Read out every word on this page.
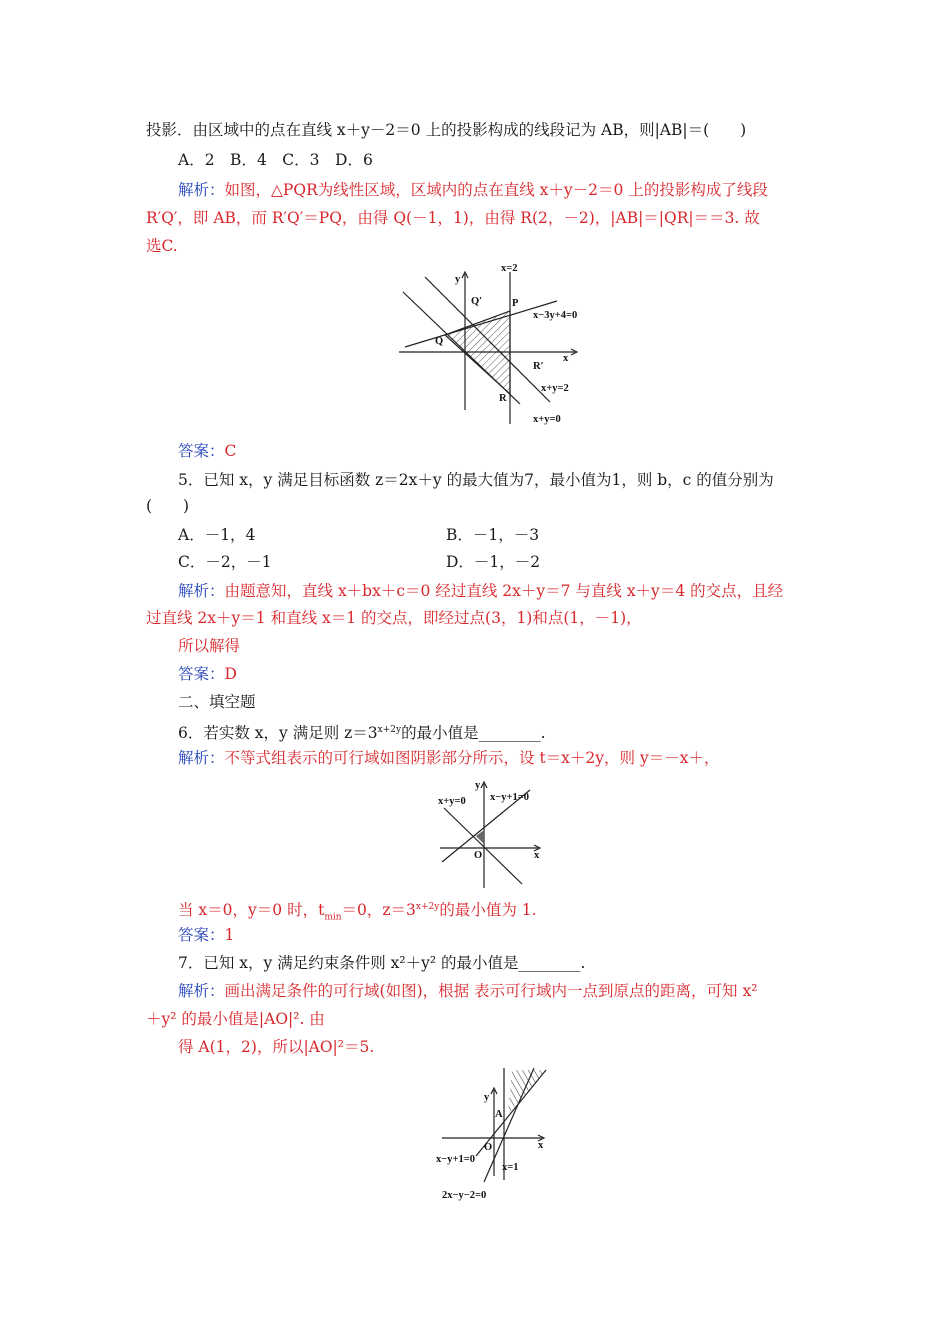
投影．由区域中的点在直线 x＋y－2＝0 上的投影构成的线段记为 AB，则|AB|＝(　　)
A．2　B．4　C．3　D．6
解析：如图，△PQR为线性区域，区域内的点在直线 x＋y－2＝0 上的投影构成了线段
R′Q′，即 AB，而 R′Q′＝PQ，由得 Q(－1，1)，由得 R(2，－2)，|AB|＝|QR|＝＝3. 故
选C.
y
x
x=2
Q′	P
x−3y+4=0
Q
R′
x+y=2
R
x+y=0
答案：C
5．已知 x，y 满足目标函数 z＝2x＋y 的最大值为7，最小值为1，则 b，c 的值分别为
(　　)
A．－1，4	B．－1，－3
C．－2，－1	D．－1，－2
解析：由题意知，直线 x＋bx＋c＝0 经过直线 2x＋y＝7 与直线 x＋y＝4 的交点，且经
过直线 2x＋y＝1 和直线 x＝1 的交点，即经过点(3，1)和点(1，－1)，
所以解得
答案：D
二、填空题
6．若实数 x，y 满足则 $z=3^{x+2y}$的最小值是________.
解析：不等式组表示的可行域如图阴影部分所示，设 t＝x＋2y，则 y＝－x＋，
y
x
O
x+y=0 x−y+1=0
当 x＝0，y＝0 时，$t_{min}=0$，$z=3^{x+2y}$的最小值为 1.
答案：1
7．已知 x，y 满足约束条件则 x²＋y² 的最小值是________.
解析：画出满足条件的可行域(如图)，根据 表示可行域内一点到原点的距离，可知 x²
＋y² 的最小值是|AO|². 由
得 A(1，2)，所以|AO|²＝5.
y
x
A
O
x−y+1=0
x=1
2x−y−2=0
